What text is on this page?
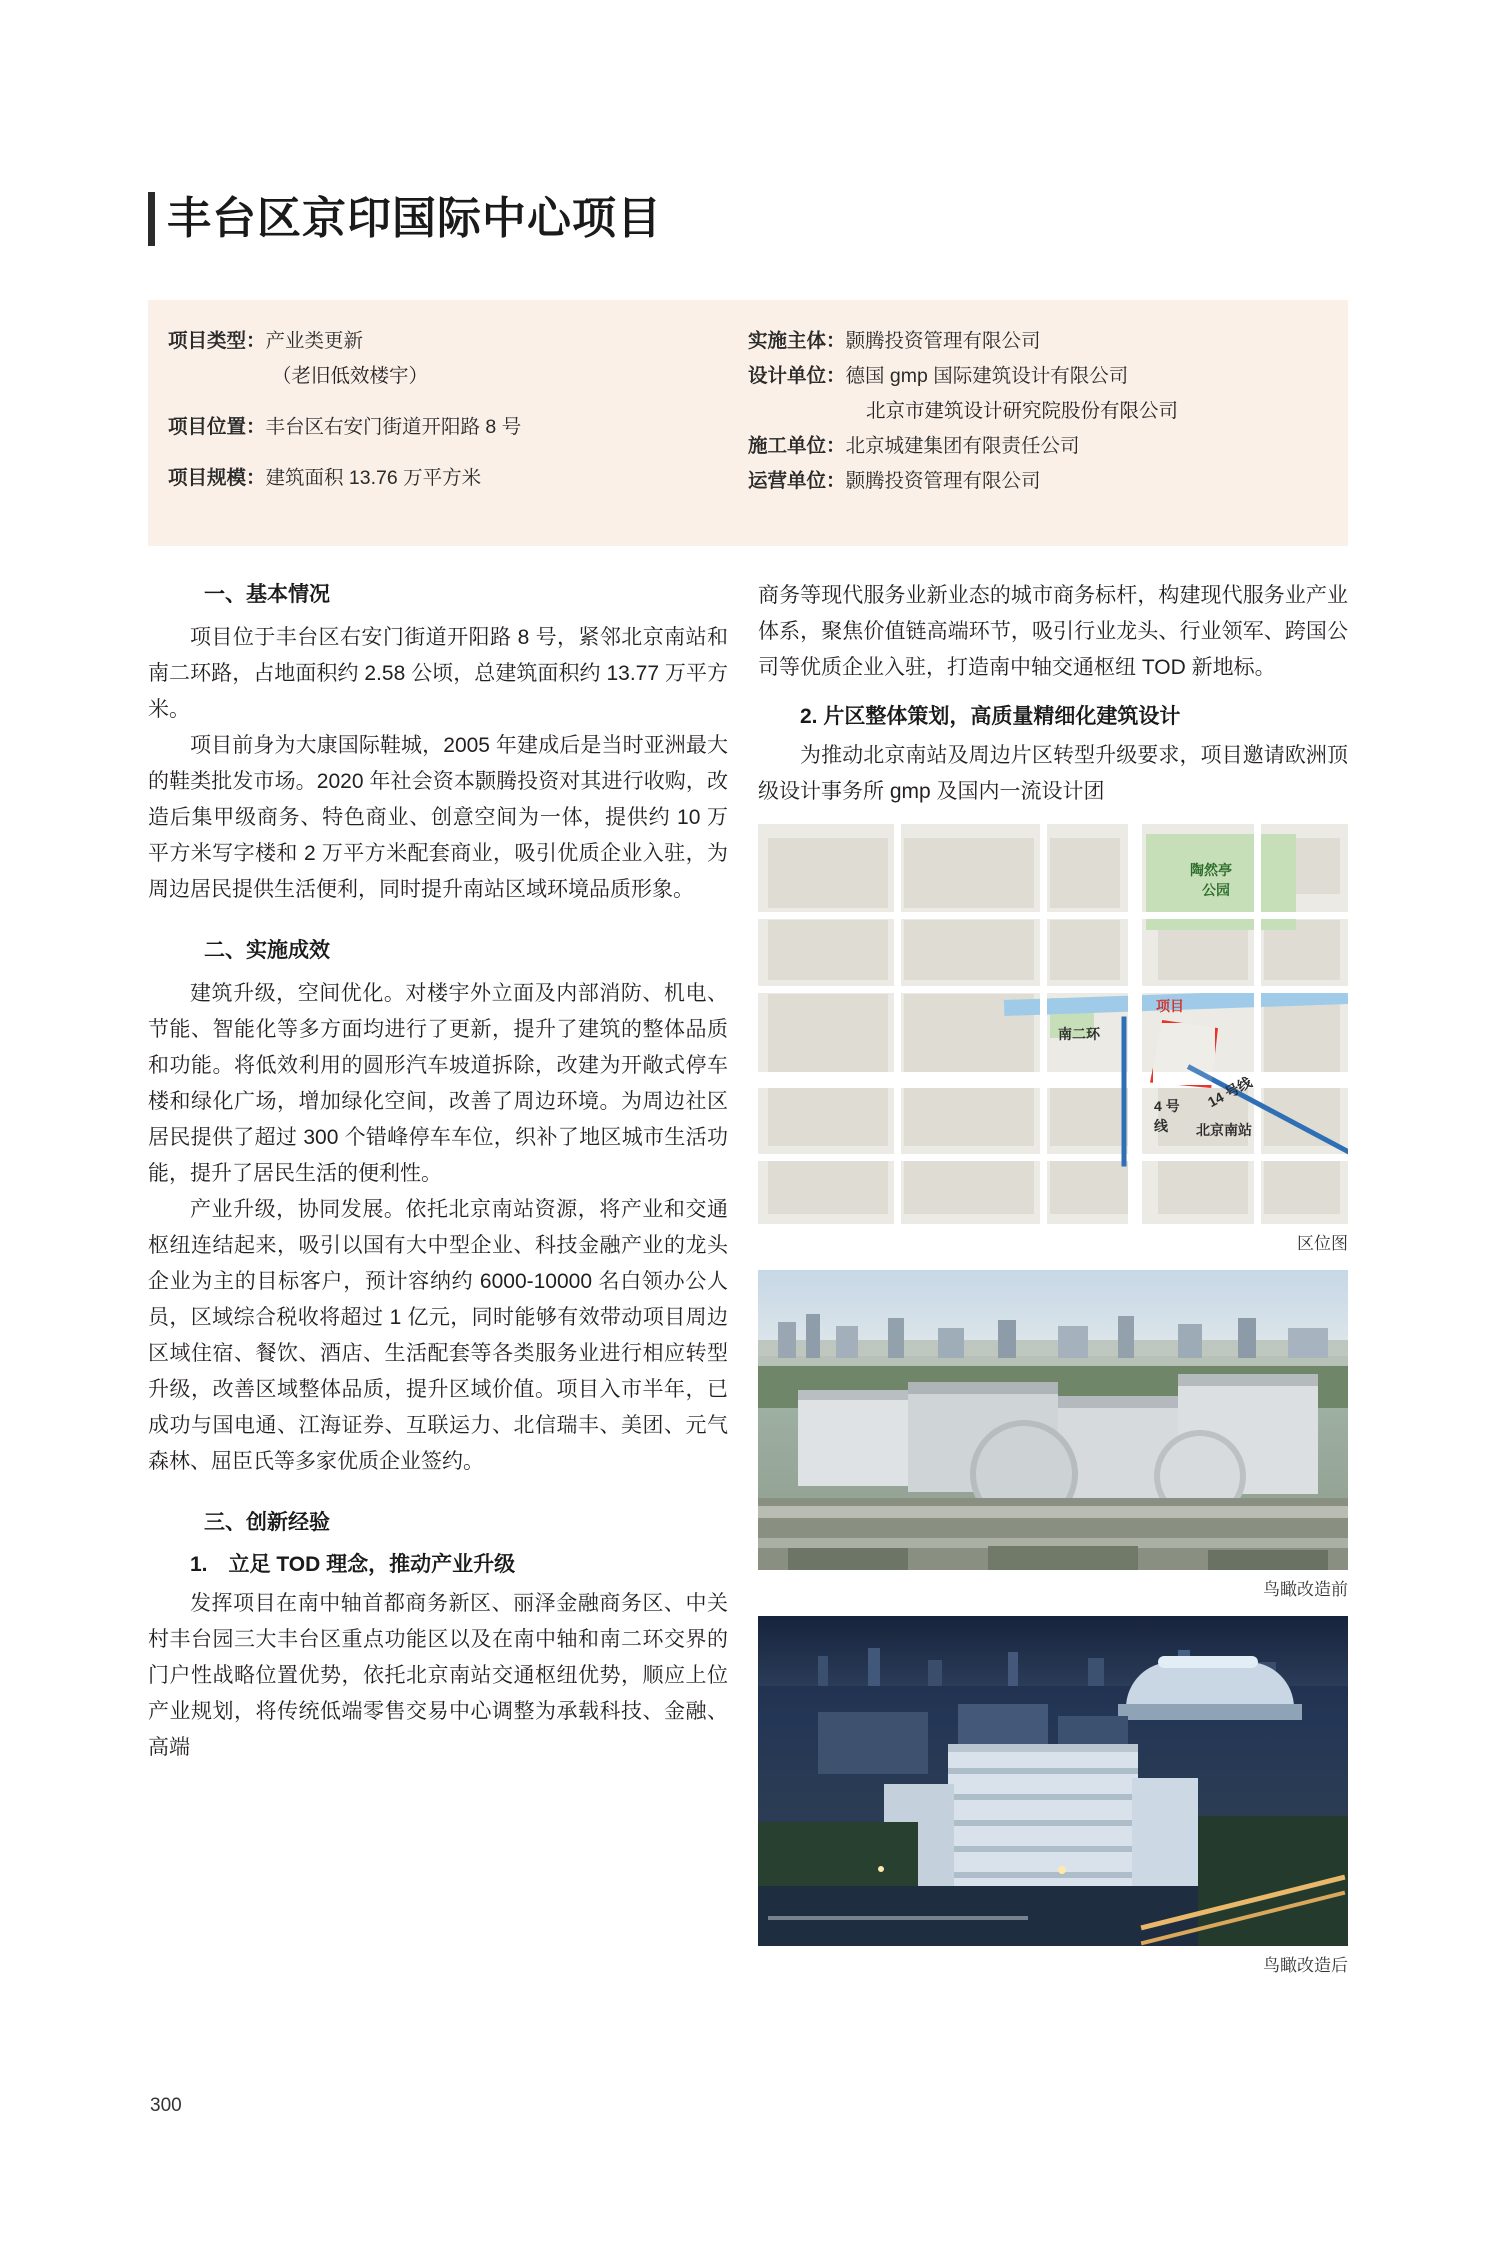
丰台区京印国际中心项目
项目类型： 产业类更新
（老旧低效楼宇）
项目位置： 丰台区右安门街道开阳路 8 号
项目规模： 建筑面积 13.76 万平方米
实施主体： 颢腾投资管理有限公司
设计单位： 德国 gmp 国际建筑设计有限公司
北京市建筑设计研究院股份有限公司
施工单位： 北京城建集团有限责任公司
运营单位： 颢腾投资管理有限公司
一、基本情况

项目位于丰台区右安门街道开阳路 8 号，紧邻北京南站和南二环路，占地面积约 2.58 公顷，总建筑面积约 13.77 万平方米。

项目前身为大康国际鞋城，2005 年建成后是当时亚洲最大的鞋类批发市场。2020 年社会资本颢腾投资对其进行收购，改造后集甲级商务、特色商业、创意空间为一体，提供约 10 万平方米写字楼和 2 万平方米配套商业，吸引优质企业入驻，为周边居民提供生活便利，同时提升南站区域环境品质形象。

二、实施成效

建筑升级，空间优化。对楼宇外立面及内部消防、机电、节能、智能化等多方面均进行了更新，提升了建筑的整体品质和功能。将低效利用的圆形汽车坡道拆除，改建为开敞式停车楼和绿化广场，增加绿化空间，改善了周边环境。为周边社区居民提供了超过 300 个错峰停车车位，织补了地区城市生活功能，提升了居民生活的便利性。

产业升级，协同发展。依托北京南站资源，将产业和交通枢纽连结起来，吸引以国有大中型企业、科技金融产业的龙头企业为主的目标客户，预计容纳约 6000-10000 名白领办公人员，区域综合税收将超过 1 亿元，同时能够有效带动项目周边区域住宿、餐饮、酒店、生活配套等各类服务业进行相应转型升级，改善区域整体品质，提升区域价值。项目入市半年，已成功与国电通、江海证券、互联运力、北信瑞丰、美团、元气森林、屈臣氏等多家优质企业签约。

三、创新经验
1.　立足 TOD 理念，推动产业升级

发挥项目在南中轴首都商务新区、丽泽金融商务区、中关村丰台园三大丰台区重点功能区以及在南中轴和南二环交界的门户性战略位置优势，依托北京南站交通枢纽优势，顺应上位产业规划，将传统低端零售交易中心调整为承载科技、金融、高端

商务等现代服务业新业态的城市商务标杆，构建现代服务业产业体系，聚焦价值链高端环节，吸引行业龙头、行业领军、跨国公司等优质企业入驻，打造南中轴交通枢纽 TOD 新地标。

2. 片区整体策划，高质量精细化建筑设计

为推动北京南站及周边片区转型升级要求，项目邀请欧洲顶级设计事务所 gmp 及国内一流设计团

陶然亭
公园
项目
南二环
4 号
线
14 号线
北京南站
区位图
鸟瞰改造前
鸟瞰改造后
300
